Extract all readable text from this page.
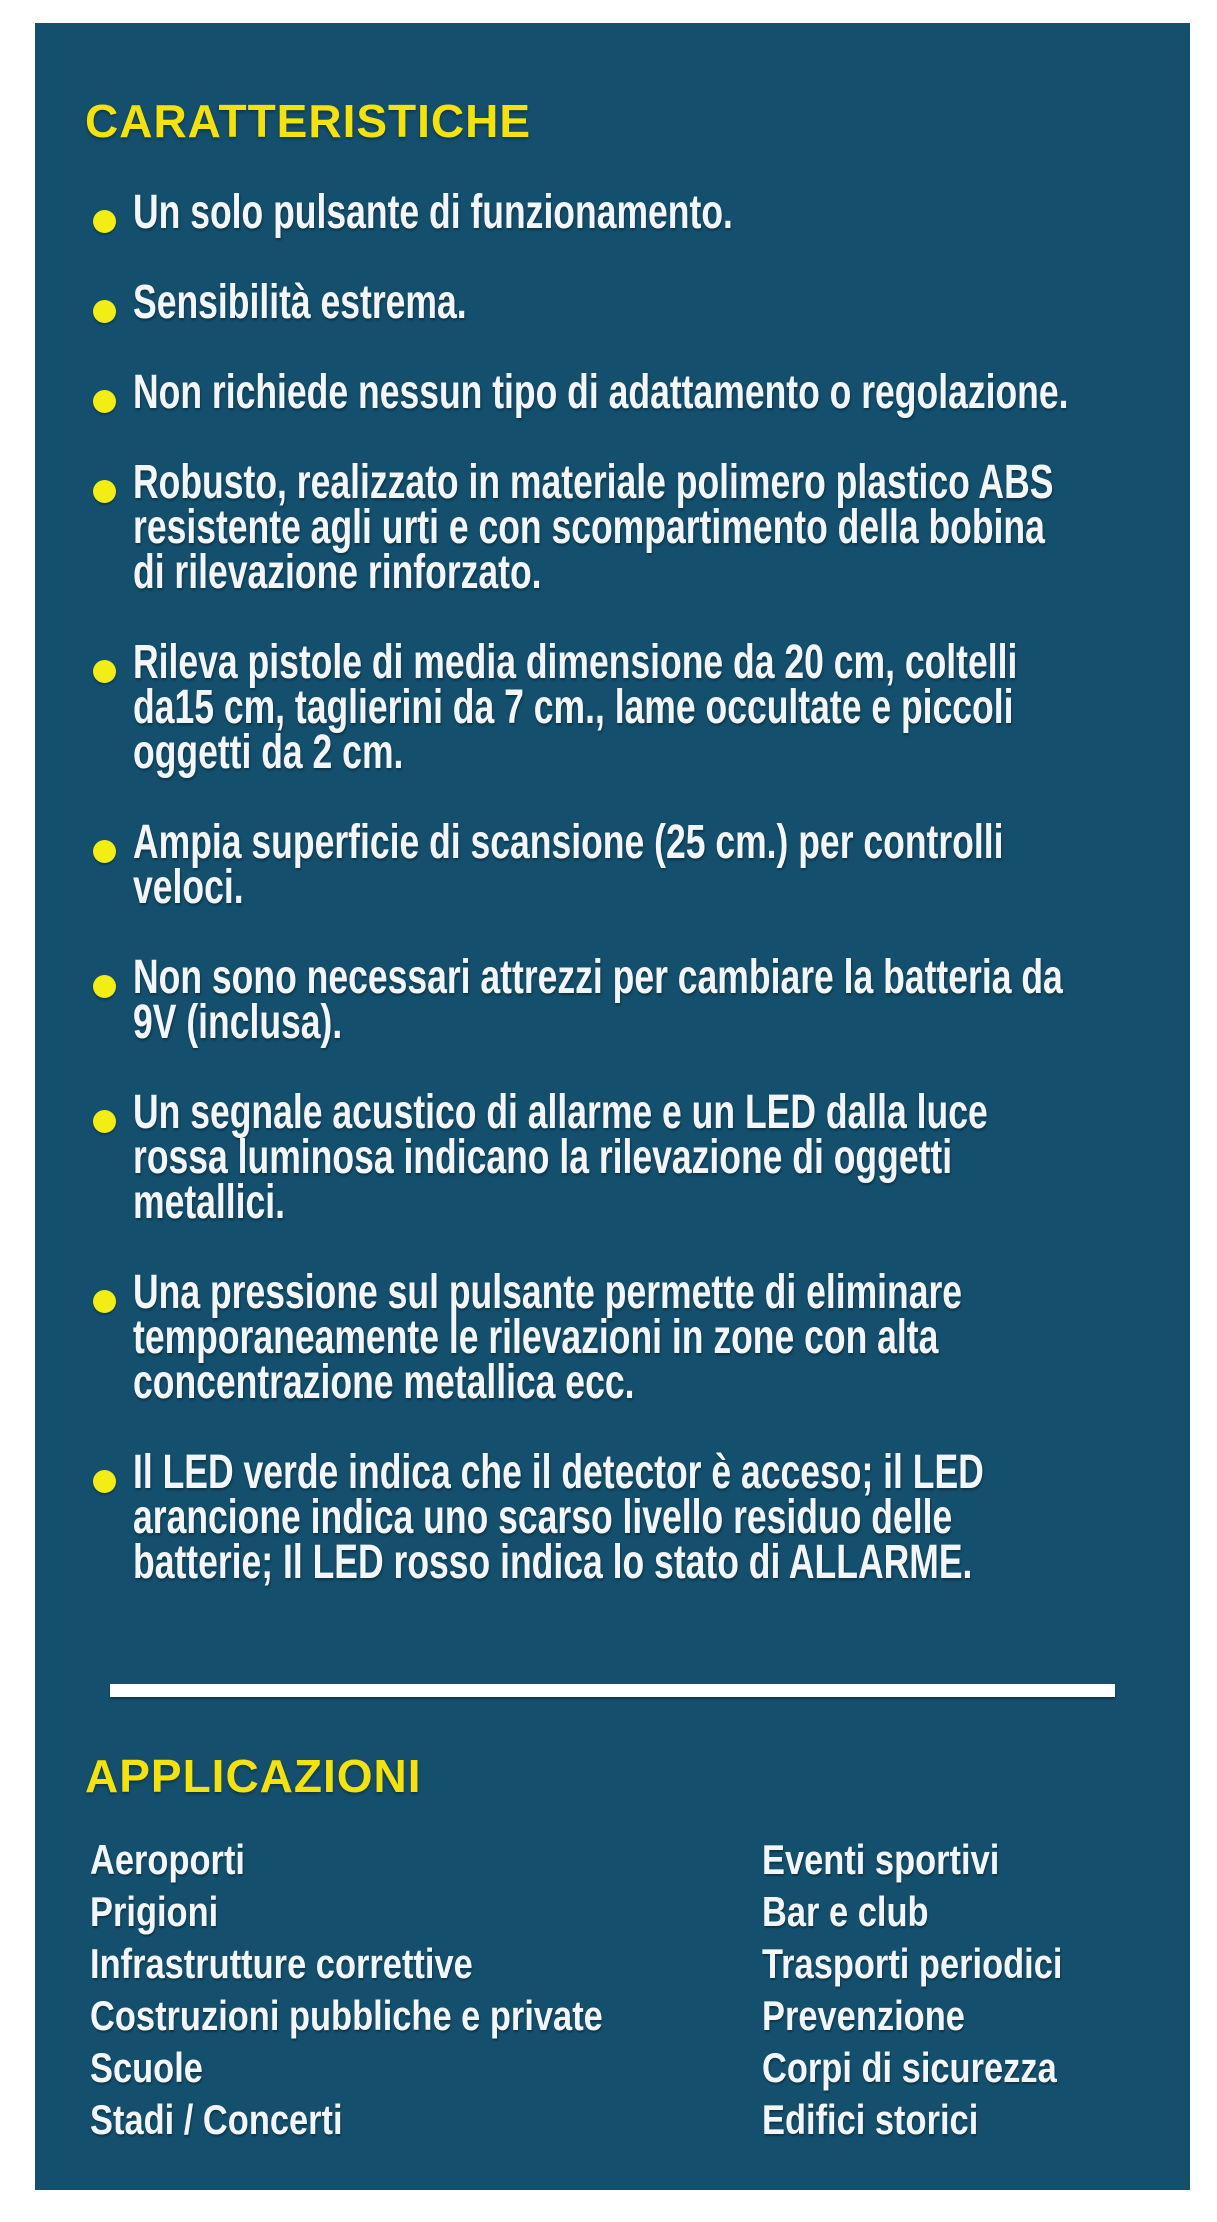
CARATTERISTICHE
Un solo pulsante di funzionamento.
Sensibilità estrema.
Non richiede nessun tipo di adattamento o regolazione.
Robusto, realizzato in materiale polimero plastico ABS
resistente agli urti e con scompartimento della bobina
di rilevazione rinforzato.
Rileva pistole di media dimensione da 20 cm, coltelli
da15 cm, taglierini da 7 cm., lame occultate e piccoli
oggetti da 2 cm.
Ampia superficie di scansione (25 cm.) per controlli
veloci.
Non sono necessari attrezzi per cambiare la batteria da
9V (inclusa).
Un segnale acustico di allarme e un LED dalla luce
rossa luminosa indicano la rilevazione di oggetti
metallici.
Una pressione sul pulsante permette di eliminare
temporaneamente le rilevazioni in zone con alta
concentrazione metallica ecc.
Il LED verde indica che il detector è acceso; il LED
arancione indica uno scarso livello residuo delle
batterie; Il LED rosso indica lo stato di ALLARME.
APPLICAZIONI
Aeroporti
Prigioni
Infrastrutture correttive
Costruzioni pubbliche e private
Scuole
Stadi / Concerti
Eventi sportivi
Bar e club
Trasporti periodici
Prevenzione
Corpi di sicurezza
Edifici storici
